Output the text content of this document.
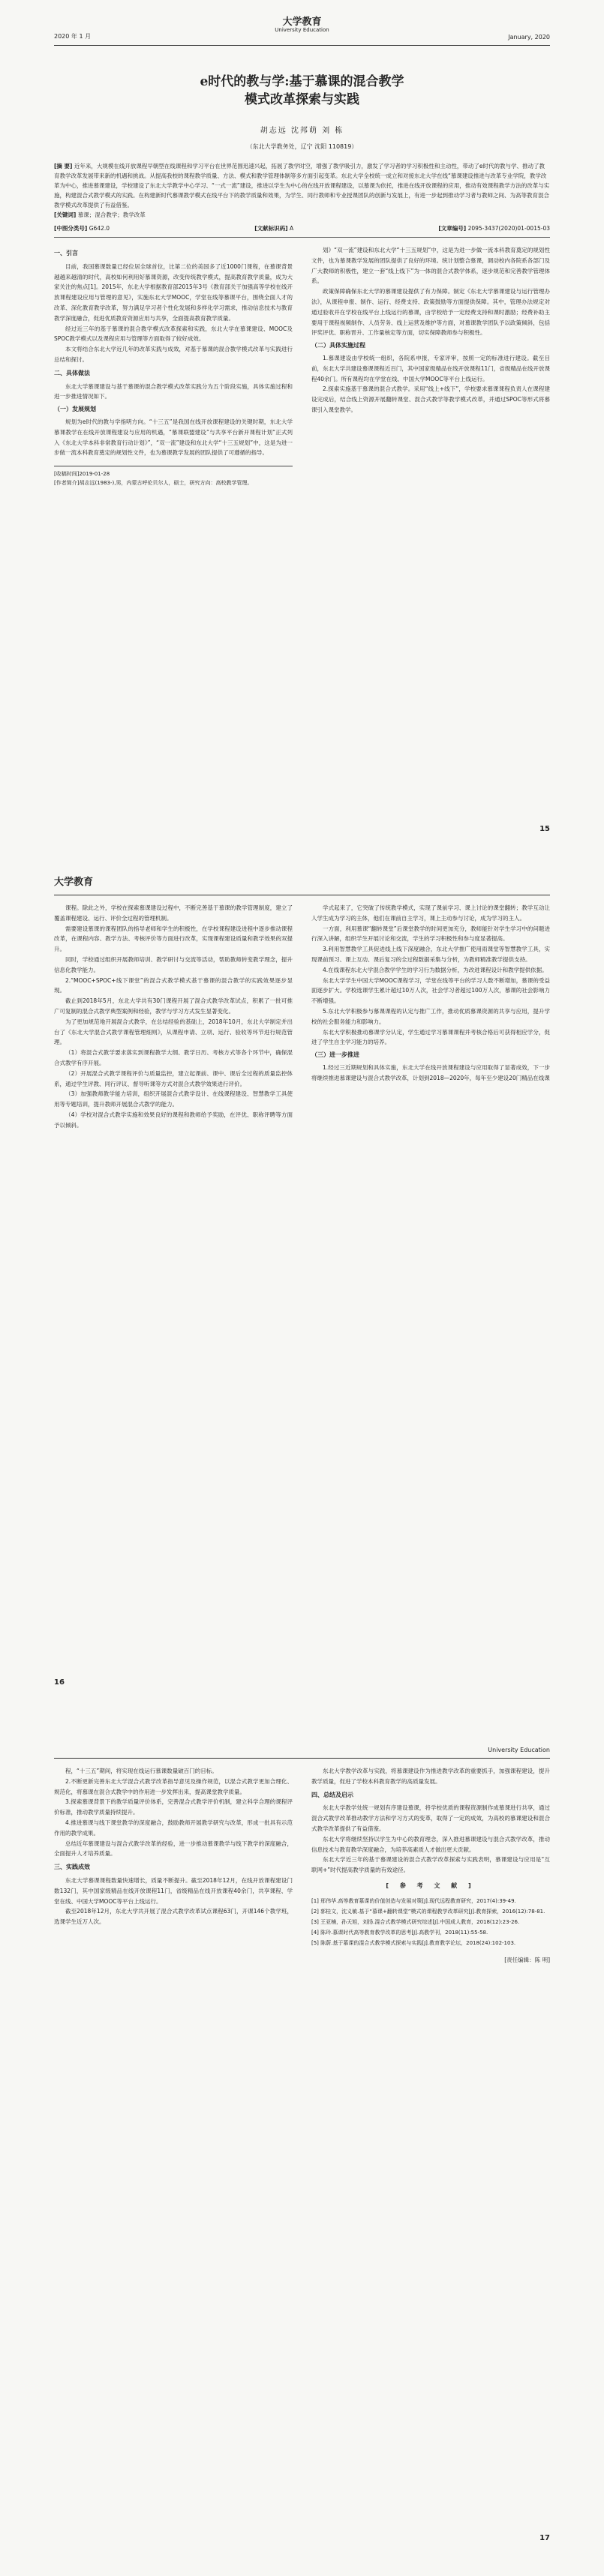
大学教育
University Education
2020 年 1 月	January, 2020
e时代的教与学:基于慕课的混合教学
模式改革探索与实践
胡志远 沈邦萌 刘 栋
（东北大学教务处，辽宁 沈阳 110819）
[摘 要] 近年来，大规模在线开放课程早朝型在线课程和学习平台在世界范围迅速兴起，拓展了教学时空，增强了教学吸引力，激发了学习者的学习积极性和主动性，带动了e时代的教与学、推动了教育教学改革发展带来新的机遇和挑战。从提高我校的课程教学质量、方法、模式和教学管理体制等多方面引起变革。东北大学全校统一成立和对接东北大学在线“慕课建设推进与改革专业学院，教学改革为中心，推进慕课建设，学校建设了东北大学教学中心学习、“一式一流”建设，推进以学生为中心的在线开放课程建设，以慕课为依托，推进在线开放课程的应用，推动有效课程教学方法的改革与实施，构建混合式教学模式的实践。在构建新时代慕课教学模式在线平台下的教学质量和效果，为学生、同行教师和专业授课团队的创新与发展上，有进一步起到推动学习者与教师之间、为高等教育混合教学模式改革提供了有益借鉴。
[关键词] 慕课；混合教学；教学改革
[中图分类号] G642.0	[文献标识码] A	[文章编号] 2095-3437(2020)01-0015-03
一、引言

目前，我国慕课数量已经位居全球首位，比第二位的美国多了近1000门课程，在慕课背景越越来越清的时代，高校如何利用好慕课资源，改变传统教学模式，提高教育教学质量，成为大家关注的焦点[1]。2015年，东北大学根据教育部2015年3号《教育部关于加强高等学校在线开放课程建设应用与管理的意见》，实施东北大学MOOC，学堂在线等慕课平台，围绕全面人才的改革、深化教育教学改革，努力满足学习者个性化发展和多样化学习需求，推动信息技术与教育教学深度融合，促进优质教育资源应用与共享，全面提高教育教学质量。

经过近三年的基于慕课的混合教学模式改革探索和实践，东北大学在慕课建设、MOOC及SPOC教学模式以及课程应用与管理等方面取得了较好成效。

本文将结合东北大学近几年的改革实践与成效，对基于慕课的混合教学模式改革与实践进行总结和探讨。

二、具体做法

东北大学慕课建设与基于慕课的混合教学模式改革实践分为五个阶段实施，具体实施过程和进一步推进情况如下。

（一）发展规划

规划为e时代的教与学指明方向。“十三五”是我国在线开放课程建设的关键时期，东北大学慕课教学在在线开放课程建设与应用的机遇，“慕课联盟建设”与共享平台新开课程计划“正式列入《东北大学本科非常教育行动计划》”，“双一流”建设和东北大学“十三五规划”中，这是为进一步做一流本科教育奠定的规划性文件，也为慕课教学发展的团队提供了可遵循的指导。

[收稿时间]2019-01-28
[作者简介]胡志远(1983-),男，内蒙古呼伦贝尔人，硕士，研究方向：高校教学管理。

划》“双一流”建设和东北大学“十三五规划”中，这是为进一步做一流本科教育奠定的规划性文件，也为慕课教学发展的团队提供了良好的环境。统计划整合慕课，调动校内各院系各部门及广大教师的积极性，建立一套“线上线下”为一体的混合式教学体系，逐步规范和完善教学管理体系。

政策保障确保东北大学的慕课建设提供了有力保障。制定《东北大学慕课建设与运行管理办法》，从课程申报、制作、运行、经费支持、政策鼓励等方面提供保障。其中，管理办法规定对通过验收并在学校在线平台上线运行的慕课，由学校给予一定经费支持和课时激励；经费补助主要用于课程视频制作、人员劳务、线上运营及维护等方面，对慕课教学团队予以政策倾斜，包括评奖评优、职称晋升、工作量核定等方面，切实保障教师参与积极性。

（二）具体实施过程

1.慕课建设由学校统一组织，各院系申报，专家评审，按照一定的标准进行建设。截至目前，东北大学共建设慕课课程近百门，其中国家级精品在线开放课程11门，省级精品在线开放课程40余门。所有课程均在学堂在线、中国大学MOOC等平台上线运行。

2.探索实施基于慕课的混合式教学。采用“线上+线下”，学校要求慕课课程负责人在课程建设完成后，结合线上资源开展翻转课堂、混合式教学等教学模式改革，并通过SPOC等形式将慕课引入课堂教学。

15
大学教育

课程。除此之外，学校在探索慕课建设过程中，不断完善基于慕课的教学管理制度，建立了覆盖课程建设、运行、评价全过程的管理机制。

需要建设慕课的课程团队的指导老师和学生的积极性，在学校课程建设进程中逐步推动课程改革，在课程内容、教学方法、考核评价等方面进行改革，实现课程建设质量和教学效果的双提升。

同时，学校通过组织开展教师培训、教学研讨与交流等活动，帮助教师转变教学理念，提升信息化教学能力。

2.“MOOC+SPOC+线下课堂”的混合式教学模式基于慕课的混合教学的实践效果逐步显现。

截止到2018年5月，东北大学共有30门课程开展了混合式教学改革试点，积累了一批可推广可复制的混合式教学典型案例和经验，教学与学习方式发生显著变化。

为了更加规范地开展混合式教学，在总结经验的基础上，2018年10月，东北大学制定并出台了《东北大学混合式教学课程管理细则》，从课程申请、立项、运行、验收等环节进行规范管理。

（1）将混合式教学要求落实到课程教学大纲、教学日历、考核方式等各个环节中，确保混合式教学有序开展。

（2）开展混合式教学课程评价与质量监控，建立起课前、课中、课后全过程的质量监控体系，通过学生评教、同行评议、督导听课等方式对混合式教学效果进行评价。

（3）加强教师教学能力培训，组织开展混合式教学设计、在线课程建设、智慧教学工具使用等专题培训，提升教师开展混合式教学的能力。

（4）学校对混合式教学实施和效果良好的课程和教师给予奖励，在评优、职称评聘等方面予以倾斜。

学式起来了，它突破了传统教学模式，实现了课前学习、课上讨论的课堂翻转；教学互动让人学生成为学习的主体，他们在课前自主学习，课上主动参与讨论，成为学习的主人。

一方面，利用慕课“翻转课堂”后课堂教学的时间更加充分，教师能针对学生学习中的问题进行深入讲解，组织学生开展讨论和交流，学生的学习积极性和参与度显著提高。

3.利用智慧教学工具促进线上线下深度融合，东北大学推广使用雨课堂等智慧教学工具，实现课前预习、课上互动、课后复习的全过程数据采集与分析，为教师精准教学提供支持。

4.在线课程东北大学混合教学学生的学习行为数据分析，为改进课程设计和教学提供依据。

东北大学学生中国大学MOOC课程学习，学堂在线等平台的学习人数不断增加，慕课的受益面逐步扩大。学校选课学生累计超过10万人次，社会学习者超过100万人次，慕课的社会影响力不断增强。

5.东北大学积极参与慕课课程的认定与推广工作，推动优质慕课资源的共享与应用，提升学校的社会服务能力和影响力。

东北大学积极推动慕课学分认定，学生通过学习慕课课程并考核合格后可获得相应学分，促进了学生自主学习能力的培养。

（三）进一步推进

1.经过三近期规划和具体实施，东北大学在线开放课程建设与应用取得了显著成效，下一步将继续推进慕课建设与混合式教学改革，计划到2018—2020年，每年至少建设20门精品在线课

16
University Education

程，“十三五”期间，将实现在线运行慕课数量破百门的目标。

2.不断更新完善东北大学混合式教学改革指导意见及操作规范，以混合式教学更加合理化、规范化，将慕课在混合式教学中的作用进一步发挥出来，提高课堂教学质量。

3.探索慕课背景下的教学质量评价体系，完善混合式教学评价机制，建立科学合理的课程评价标准，推动教学质量持续提升。

4.推进慕课与线下课堂教学的深度融合，鼓励教师开展教学研究与改革，形成一批具有示范作用的教学成果。

总结近年慕课建设与混合式教学改革的经验，进一步推动慕课教学与线下教学的深度融合，全面提升人才培养质量。

三、实践成效

东北大学慕课课程数量快速增长，质量不断提升。截至2018年12月，在线开放课程建设门数132门，其中国家级精品在线开放课程11门，省级精品在线开放课程40余门，共享课程、学堂在线、中国大学MOOC等平台上线运行。

截至2018年12月，东北大学共开展了混合式教学改革试点课程63门，开课146个教学班，选课学生近万人次。

东北大学教学改革与实践，将慕课建设作为推进教学改革的重要抓手，加强课程建设，提升教学质量，促进了学校本科教育教学的高质量发展。

四、总结及启示

东北大学教学处统一规划有序建设慕课，将学校优质的课程资源制作成慕课进行共享，通过混合式教学改革推动教学方法和学习方式的变革，取得了一定的成效，为高校的慕课建设和混合式教学改革提供了有益借鉴。

东北大学将继续坚持以学生为中心的教育理念，深入推进慕课建设与混合式教学改革，推动信息技术与教育教学深度融合，为培养高素质人才做出更大贡献。

东北大学近三年的基于慕课建设的混合式教学改革探索与实践表明，慕课建设与应用是“互联网+”时代提高教学质量的有效途径。

[ 参 考 文 献 ]
[1] 邢伟华.高等教育慕课的价值创造与发展对策[J].现代远程教育研究，2017(4):39-49.
[2] 郭桂文，沈义敏.基于“慕课+翻转课堂”模式的课程教学改革研究[J].教育探索，2016(12):78-81.
[3] 王亚楠，孙天旭，刘扬.混合式教学模式研究综述[J].中国成人教育，2018(12):23-26.
[4] 陈玲.慕课时代高等教育教学改革的思考[J].高教学刊，2018(11):55-58.
[5] 陈蔚.基于慕课的混合式教学模式探索与实践[J].教育教学论坛，2018(24):102-103.
[责任编辑：陈 明]
17
